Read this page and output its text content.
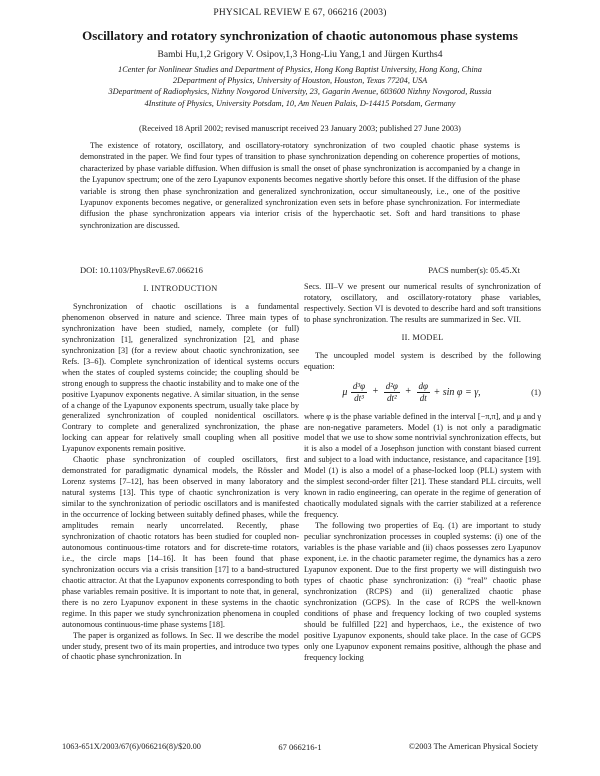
PHYSICAL REVIEW E 67, 066216 (2003)
Oscillatory and rotatory synchronization of chaotic autonomous phase systems
Bambi Hu,1,2 Grigory V. Osipov,1,3 Hong-Liu Yang,1 and Jürgen Kurths4
1Center for Nonlinear Studies and Department of Physics, Hong Kong Baptist University, Hong Kong, China
2Department of Physics, University of Houston, Houston, Texas 77204, USA
3Department of Radiophysics, Nizhny Novgorod University, 23, Gagarin Avenue, 603600 Nizhny Novgorod, Russia
4Institute of Physics, University Potsdam, 10, Am Neuen Palais, D-14415 Potsdam, Germany
(Received 18 April 2002; revised manuscript received 23 January 2003; published 27 June 2003)
The existence of rotatory, oscillatory, and oscillatory-rotatory synchronization of two coupled chaotic phase systems is demonstrated in the paper. We find four types of transition to phase synchronization depending on coherence properties of motions, characterized by phase variable diffusion. When diffusion is small the onset of phase synchronization is accompanied by a change in the Lyapunov spectrum; one of the zero Lyapunov exponents becomes negative shortly before this onset. If the diffusion of the phase variable is strong then phase synchronization and generalized synchronization, occur simultaneously, i.e., one of the positive Lyapunov exponents becomes negative, or generalized synchronization even sets in before phase synchronization. For intermediate diffusion the phase synchronization appears via interior crisis of the hyperchaotic set. Soft and hard transitions to phase synchronization are discussed.
DOI: 10.1103/PhysRevE.67.066216	PACS number(s): 05.45.Xt
I. INTRODUCTION

Synchronization of chaotic oscillations is a fundamental phenomenon observed in nature and science. Three main types of synchronization have been studied, namely, complete (or full) synchronization [1], generalized synchronization [2], and phase synchronization [3] (for a review about chaotic synchronization, see Refs. [3–6]). Complete synchronization of identical systems occurs when the states of coupled systems coincide; the coupling should be strong enough to suppress the chaotic instability and to make one of the positive Lyapunov exponents negative. A similar situation, in the sense of a change of the Lyapunov exponents spectrum, usually take place by generalized synchronization of coupled nonidentical oscillators. Contrary to complete and generalized synchronization, the phase locking can appear for relatively small coupling when all positive Lyapunov exponents remain positive.

Chaotic phase synchronization of coupled oscillators, first demonstrated for paradigmatic dynamical models, the Rössler and Lorenz systems [7–12], has been observed in many laboratory and natural systems [13]. This type of chaotic synchronization is very similar to the synchronization of periodic oscillators and is manifested in the occurrence of locking between suitably defined phases, while the amplitudes remain nearly uncorrelated. Recently, phase synchronization of chaotic rotators has been studied for coupled non-autonomous continuous-time rotators and for discrete-time rotators, i.e., the circle maps [14–16]. It has been found that phase synchronization occurs via a crisis transition [17] to a band-structured chaotic attractor. At that the Lyapunov exponents corresponding to both phase variables remain positive. It is important to note that, in general, there is no zero Lyapunov exponent in these systems in the chaotic regime. In this paper we study synchronization phenomena in coupled autonomous continuous-time phase systems [18].

The paper is organized as follows. In Sec. II we describe the model under study, present two of its main properties, and introduce two types of chaotic phase synchronization. In

Secs. III–V we present our numerical results of synchronization of rotatory, oscillatory, and oscillatory-rotatory phase variables, respectively. Section VI is devoted to describe hard and soft transitions to phase synchronization. The results are summarized in Sec. VII.

II. MODEL

The uncoupled model system is described by the following equation:

μ $\frac{\text{d³φ}}{\text{dt³}} + \frac{\text{d²φ}}{\text{dt²}} + \frac{d\varphi}{dt} + \sin \varphi = \gamma$,	(1)

where φ is the phase variable defined in the interval [−π,π], and μ and γ are non-negative parameters. Model (1) is not only a paradigmatic model that we use to show some nontrivial synchronization effects, but it is also a model of a Josephson junction with constant biased current and subject to a load with inductance, resistance, and capacitance [19]. Model (1) is also a model of a phase-locked loop (PLL) system with the simplest second-order filter [21]. These standard PLL circuits, well known in radio engineering, can operate in the regime of generation of chaotically modulated signals with the carrier stabilized at a reference frequency.

The following two properties of Eq. (1) are important to study peculiar synchronization processes in coupled systems: (i) one of the variables is the phase variable and (ii) chaos possesses zero Lyapunov exponent, i.e. in the chaotic parameter regime, the dynamics has a zero Lyapunov exponent. Due to the first property we will distinguish two types of chaotic phase synchronization: (i) “real” chaotic phase synchronization (RCPS) and (ii) generalized chaotic phase synchronization (GCPS). In the case of RCPS the well-known conditions of phase and frequency locking of two coupled systems should be fulfilled [22] and hyperchaos, i.e., the existence of two positive Lyapunov exponents, should take place. In the case of GCPS only one Lyapunov exponent remains positive, although the phase and frequency locking

1063-651X/2003/67(6)/066216(8)/$20.00	67 066216-1	©2003 The American Physical Society
